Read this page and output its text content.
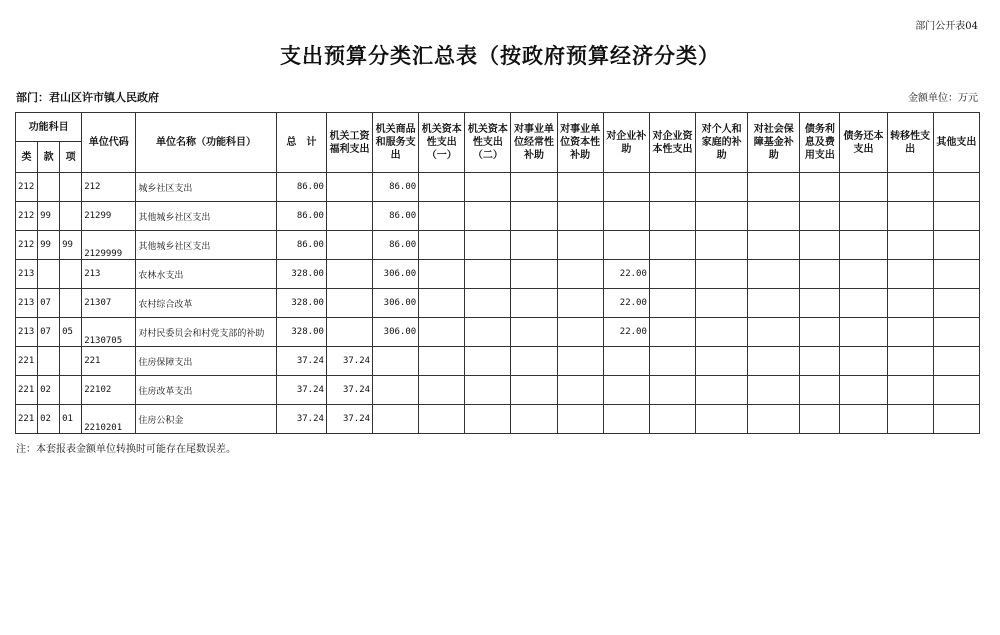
部门公开表04
支出预算分类汇总表（按政府预算经济分类）
部门：君山区许市镇人民政府	金额单位：万元
功能科目			单位代码	单位名称（功能科目）	总　计	机关工资福利支出	机关商品和服务支出	机关资本性支出（一）	机关资本性支出（二）	对事业单位经常性补助	对事业单位资本性补助	对企业补助	对企业资本性支出	对个人和家庭的补助	对社会保障基金补助	债务利息及费用支出	债务还本支出	转移性支出	其他支出
类	款	项																	
212			212	城乡社区支出	86.00		86.00												
212	99		21299	其他城乡社区支出	86.00		86.00												
212	99	99	2129999	其他城乡社区支出	86.00		86.00												
213			213	农林水支出	328.00		306.00					22.00							
213	07		21307	农村综合改革	328.00		306.00					22.00							
213	07	05	2130705	对村民委员会和村党支部的补助	328.00		306.00					22.00							
221			221	住房保障支出	37.24	37.24													
221	02		22102	住房改革支出	37.24	37.24													
221	02	01	2210201	住房公积金	37.24	37.24													
注：本套报表金额单位转换时可能存在尾数误差。
